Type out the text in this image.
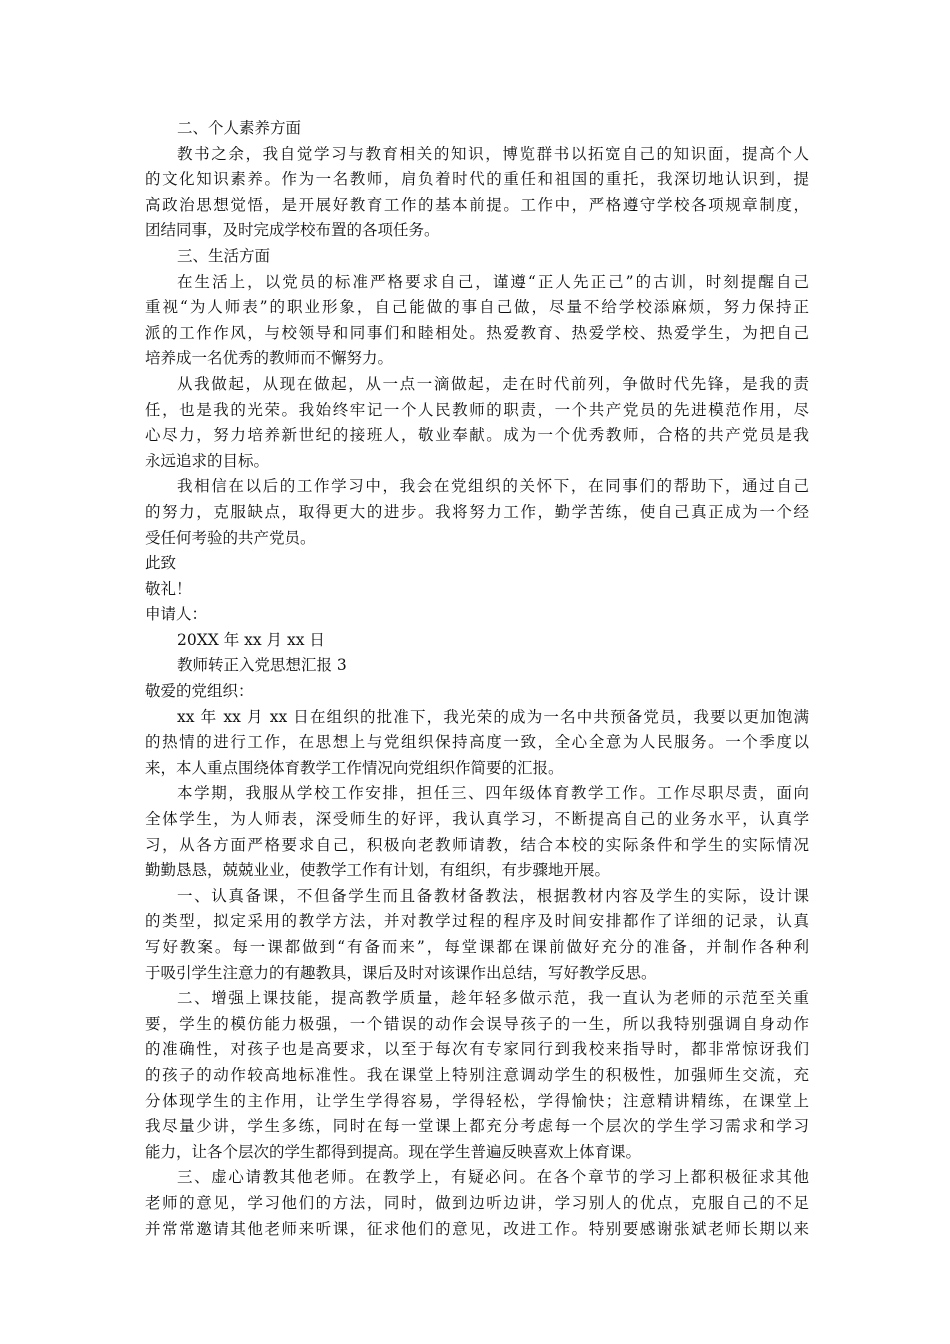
二、个人素养方面
教书之余，我自觉学习与教育相关的知识，博览群书以拓宽自己的知识面，提高个人
的文化知识素养。作为一名教师，肩负着时代的重任和祖国的重托，我深切地认识到，提
高政治思想觉悟，是开展好教育工作的基本前提。工作中，严格遵守学校各项规章制度，
团结同事，及时完成学校布置的各项任务。
三、生活方面
在生活上，以党员的标准严格要求自己，谨遵“正人先正己”的古训，时刻提醒自己
重视“为人师表”的职业形象，自己能做的事自己做，尽量不给学校添麻烦，努力保持正
派的工作作风，与校领导和同事们和睦相处。热爱教育、热爱学校、热爱学生，为把自己
培养成一名优秀的教师而不懈努力。
从我做起，从现在做起，从一点一滴做起，走在时代前列，争做时代先锋，是我的责
任，也是我的光荣。我始终牢记一个人民教师的职责，一个共产党员的先进模范作用，尽
心尽力，努力培养新世纪的接班人，敬业奉献。成为一个优秀教师，合格的共产党员是我
永远追求的目标。
我相信在以后的工作学习中，我会在党组织的关怀下，在同事们的帮助下，通过自己
的努力，克服缺点，取得更大的进步。我将努力工作，勤学苦练，使自己真正成为一个经
受任何考验的共产党员。
此致
敬礼！
申请人：
20XX 年 xx 月 xx 日
教师转正入党思想汇报 3
敬爱的党组织：
xx 年 xx 月 xx 日在组织的批准下，我光荣的成为一名中共预备党员，我要以更加饱满
的热情的进行工作，在思想上与党组织保持高度一致，全心全意为人民服务。一个季度以
来，本人重点围绕体育教学工作情况向党组织作简要的汇报。
本学期，我服从学校工作安排，担任三、四年级体育教学工作。工作尽职尽责，面向
全体学生，为人师表，深受师生的好评，我认真学习，不断提高自己的业务水平，认真学
习，从各方面严格要求自己，积极向老教师请教，结合本校的实际条件和学生的实际情况
勤勤恳恳，兢兢业业，使教学工作有计划，有组织，有步骤地开展。
一、认真备课，不但备学生而且备教材备教法，根据教材内容及学生的实际，设计课
的类型，拟定采用的教学方法，并对教学过程的程序及时间安排都作了详细的记录，认真
写好教案。每一课都做到“有备而来”，每堂课都在课前做好充分的准备，并制作各种利
于吸引学生注意力的有趣教具，课后及时对该课作出总结，写好教学反思。
二、增强上课技能，提高教学质量，趁年轻多做示范，我一直认为老师的示范至关重
要，学生的模仿能力极强，一个错误的动作会误导孩子的一生，所以我特别强调自身动作
的准确性，对孩子也是高要求，以至于每次有专家同行到我校来指导时，都非常惊讶我们
的孩子的动作较高地标准性。我在课堂上特别注意调动学生的积极性，加强师生交流，充
分体现学生的主作用，让学生学得容易，学得轻松，学得愉快；注意精讲精练，在课堂上
我尽量少讲，学生多练，同时在每一堂课上都充分考虑每一个层次的学生学习需求和学习
能力，让各个层次的学生都得到提高。现在学生普遍反映喜欢上体育课。
三、虚心请教其他老师。在教学上，有疑必问。在各个章节的学习上都积极征求其他
老师的意见，学习他们的方法，同时，做到边听边讲，学习别人的优点，克服自己的不足
并常常邀请其他老师来听课，征求他们的意见，改进工作。特别要感谢张斌老师长期以来
